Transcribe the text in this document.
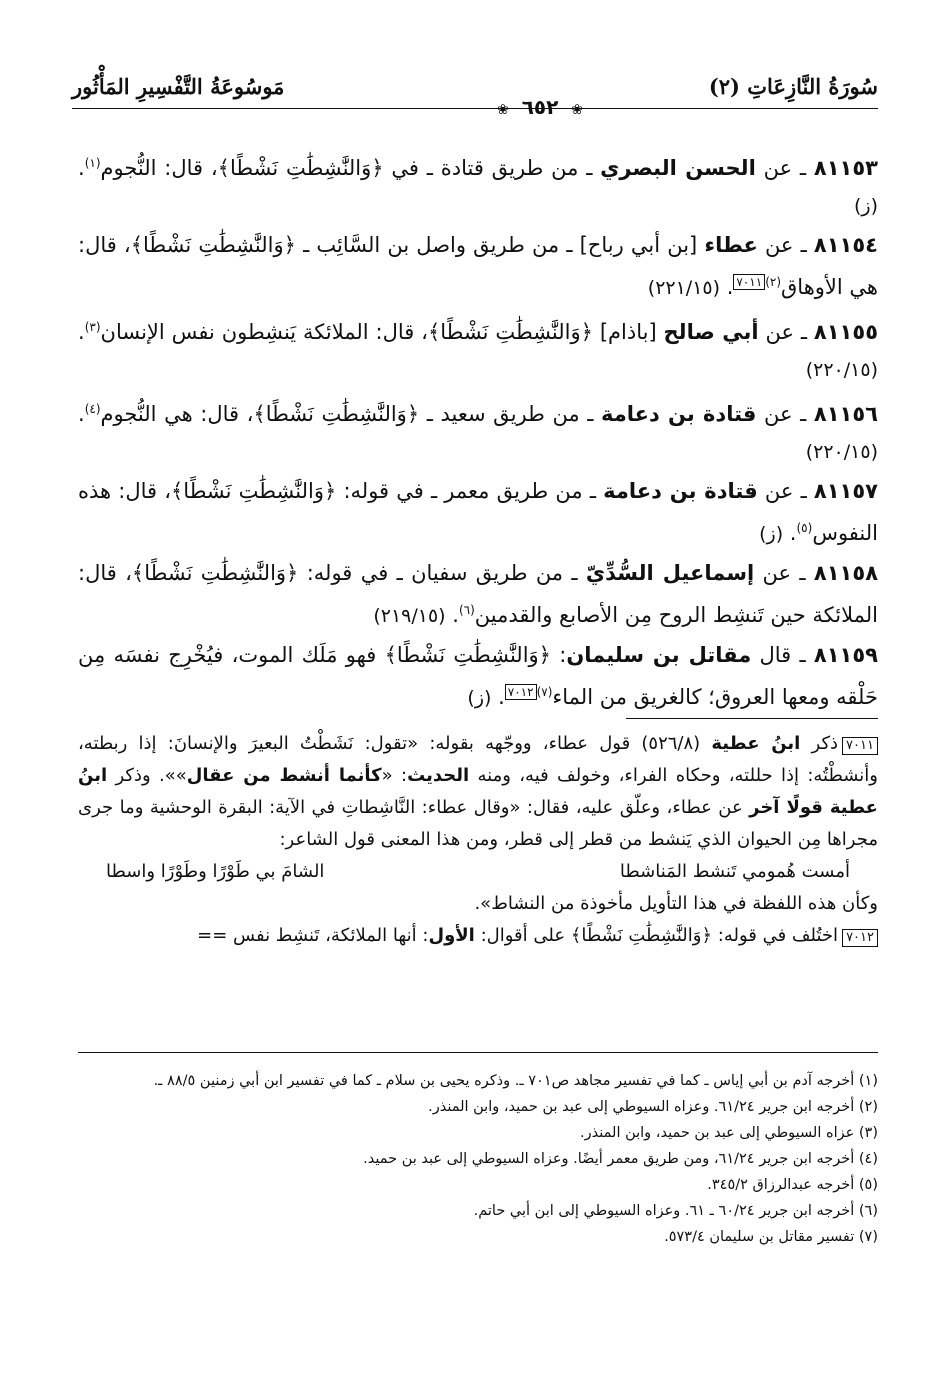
سُورَةُ النَّازِعَاتِ (٢)
مَوسُوعَةُ التَّفْسِيرِ المَأْثُور
❀ ٦٥٢ ❀
٨١١٥٣ ـ عن الحسن البصري ـ من طريق قتادة ـ في ﴿وَالنَّٰشِطَٰتِ نَشْطًا﴾، قال: النُّجوم$^{(١)}$. (ز)
٨١١٥٤ ـ عن عطاء [بن أبي رباح] ـ من طريق واصل بن السَّائِب ـ ﴿وَالنَّٰشِطَٰتِ نَشْطًا﴾، قال: هي الأوهاق$^{(٢)}$٧٠١١. (٢٢١/١٥)
٨١١٥٥ ـ عن أبي صالح [باذام] ﴿وَالنَّٰشِطَٰتِ نَشْطًا﴾، قال: الملائكة يَنشِطون نفس الإنسان$^{(٣)}$. (٢٢٠/١٥)
٨١١٥٦ ـ عن قتادة بن دعامة ـ من طريق سعيد ـ ﴿وَالنَّٰشِطَٰتِ نَشْطًا﴾، قال: هي النُّجوم$^{(٤)}$. (٢٢٠/١٥)
٨١١٥٧ ـ عن قتادة بن دعامة ـ من طريق معمر ـ في قوله: ﴿وَالنَّٰشِطَٰتِ نَشْطًا﴾، قال: هذه النفوس$^{(٥)}$. (ز)
٨١١٥٨ ـ عن إسماعيل السُّدِّيّ ـ من طريق سفيان ـ في قوله: ﴿وَالنَّٰشِطَٰتِ نَشْطًا﴾، قال: الملائكة حين تَنشِط الروح مِن الأصابع والقدمين$^{(٦)}$. (٢١٩/١٥)
٨١١٥٩ ـ قال مقاتل بن سليمان: ﴿وَالنَّٰشِطَٰتِ نَشْطًا﴾ فهو مَلَك الموت، فيُخْرِج نفسَه مِن حَلْقه ومعها العروق؛ كالغريق من الماء$^{(٧)}$٧٠١٢. (ز)
٧٠١١ذكر ابنُ عطية (٥٢٦/٨) قول عطاء، ووجّهه بقوله: «تقول: نَشَطْتُ البعيرَ والإنسانَ: إذا ربطته، وأنشطْتُه: إذا حللته، وحكاه الفراء، وخولف فيه، ومنه الحديث: «كأنما أنشط من عقال»». وذكر ابنُ عطية قولًا آخر عن عطاء، وعلّق عليه، فقال: «وقال عطاء: النَّاشِطاتِ في الآية: البقرة الوحشية وما جرى مجراها مِن الحيوان الذي يَنشط من قطر إلى قطر، ومن هذا المعنى قول الشاعر:
أمست هُمومي تَنشط المَناشطا
الشامَ بي طَوْرًا وطَوْرًا واسطا
وكأن هذه اللفظة في هذا التأويل مأخوذة من النشاط».
٧٠١٢اختُلف في قوله: ﴿وَالنَّٰشِطَٰتِ نَشْطًا﴾ على أقوال: الأول: أنها الملائكة، تَنشِط نفس ==
(١) أخرجه آدم بن أبي إياس ـ كما في تفسير مجاهد ص٧٠١ ـ. وذكره يحيى بن سلام ـ كما في تفسير ابن أبي زمنين ٨٨/٥ ـ.
(٢) أخرجه ابن جرير ٦١/٢٤. وعزاه السيوطي إلى عبد بن حميد، وابن المنذر.
(٣) عزاه السيوطي إلى عبد بن حميد، وابن المنذر.
(٤) أخرجه ابن جرير ٦١/٢٤، ومن طريق معمر أيضًا. وعزاه السيوطي إلى عبد بن حميد.
(٥) أخرجه عبدالرزاق ٣٤٥/٢.
(٦) أخرجه ابن جرير ٦٠/٢٤ ـ ٦١. وعزاه السيوطي إلى ابن أبي حاتم.
(٧) تفسير مقاتل بن سليمان ٥٧٣/٤.
